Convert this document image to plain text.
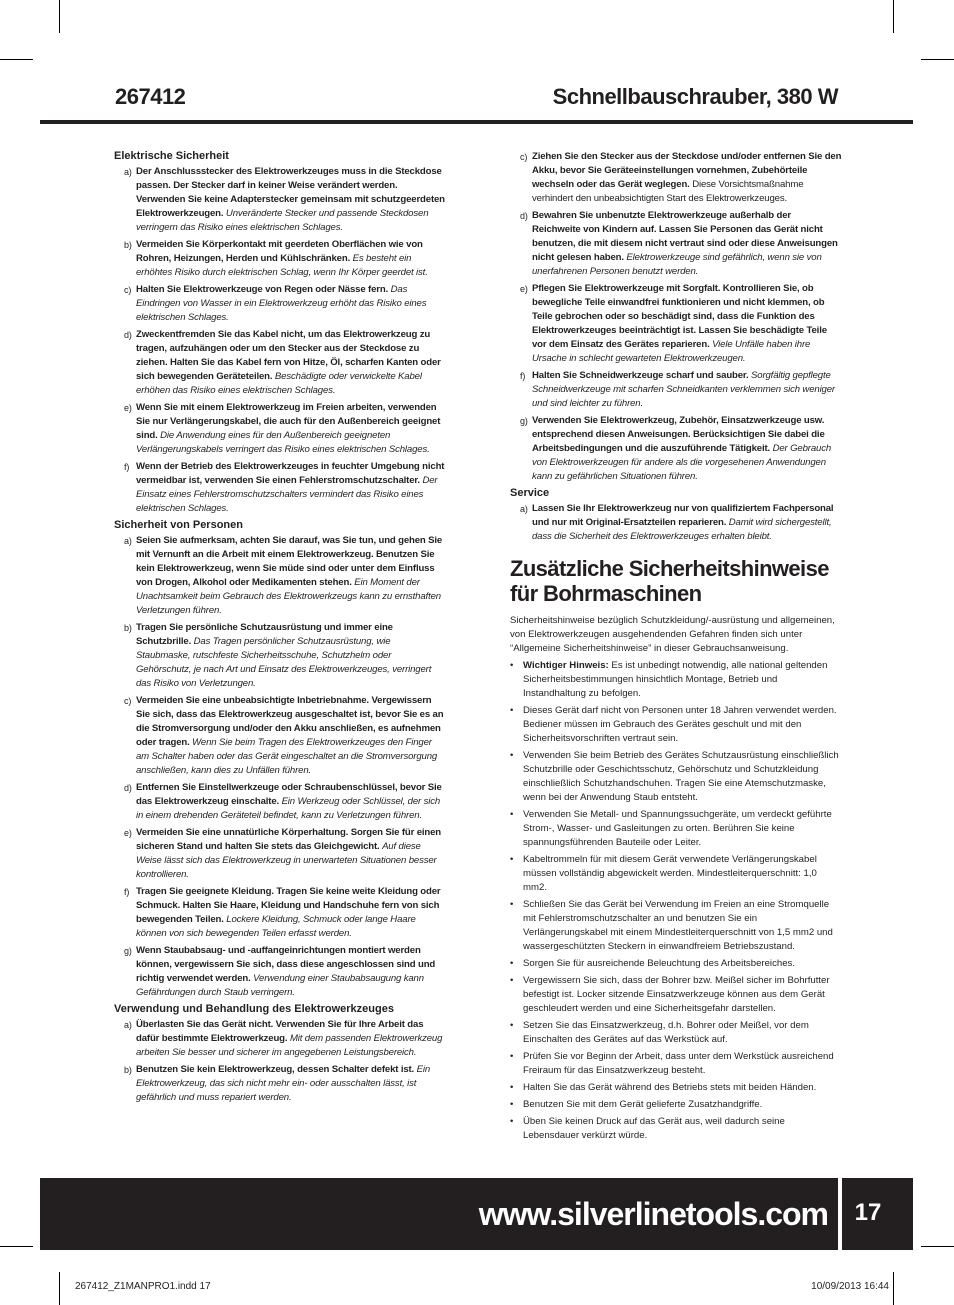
267412	Schnellbauschrauber, 380 W
Elektrische Sicherheit
a) Der Anschlussstecker des Elektrowerkzeuges muss in die Steckdose passen. Der Stecker darf in keiner Weise verändert werden. Verwenden Sie keine Adapterstecker gemeinsam mit schutzgeerdeten Elektrowerkzeugen. Unveränderte Stecker und passende Steckdosen verringern das Risiko eines elektrischen Schlages.
b) Vermeiden Sie Körperkontakt mit geerdeten Oberflächen wie von Rohren, Heizungen, Herden und Kühlschränken. Es besteht ein erhöhtes Risiko durch elektrischen Schlag, wenn Ihr Körper geerdet ist.
c) Halten Sie Elektrowerkzeuge von Regen oder Nässe fern. Das Eindringen von Wasser in ein Elektrowerkzeug erhöht das Risiko eines elektrischen Schlages.
d) Zweckentfremden Sie das Kabel nicht, um das Elektrowerkzeug zu tragen, aufzuhängen oder um den Stecker aus der Steckdose zu ziehen. Halten Sie das Kabel fern von Hitze, Öl, scharfen Kanten oder sich bewegenden Geräteteilen. Beschädigte oder verwickelte Kabel erhöhen das Risiko eines elektrischen Schlages.
e) Wenn Sie mit einem Elektrowerkzeug im Freien arbeiten, verwenden Sie nur Verlängerungskabel, die auch für den Außenbereich geeignet sind. Die Anwendung eines für den Außenbereich geeigneten Verlängerungskabels verringert das Risiko eines elektrischen Schlages.
f) Wenn der Betrieb des Elektrowerkzeuges in feuchter Umgebung nicht vermeidbar ist, verwenden Sie einen Fehlerstromschutzschalter. Der Einsatz eines Fehlerstromschutzschalters vermindert das Risiko eines elektrischen Schlages.
Sicherheit von Personen
a) Seien Sie aufmerksam, achten Sie darauf, was Sie tun, und gehen Sie mit Vernunft an die Arbeit mit einem Elektrowerkzeug. Benutzen Sie kein Elektrowerkzeug, wenn Sie müde sind oder unter dem Einfluss von Drogen, Alkohol oder Medikamenten stehen. Ein Moment der Unachtsamkeit beim Gebrauch des Elektrowerkzeugs kann zu ernsthaften Verletzungen führen.
b) Tragen Sie persönliche Schutzausrüstung und immer eine Schutzbrille. Das Tragen persönlicher Schutzausrüstung, wie Staubmaske, rutschfeste Sicherheitsschuhe, Schutzhelm oder Gehörschutz, je nach Art und Einsatz des Elektrowerkzeuges, verringert das Risiko von Verletzungen.
c) Vermeiden Sie eine unbeabsichtigte Inbetriebnahme. Vergewissern Sie sich, dass das Elektrowerkzeug ausgeschaltet ist, bevor Sie es an die Stromversorgung und/oder den Akku anschließen, es aufnehmen oder tragen. Wenn Sie beim Tragen des Elektrowerkzeuges den Finger am Schalter haben oder das Gerät eingeschaltet an die Stromversorgung anschließen, kann dies zu Unfällen führen.
d) Entfernen Sie Einstellwerkzeuge oder Schraubenschlüssel, bevor Sie das Elektrowerkzeug einschalte. Ein Werkzeug oder Schlüssel, der sich in einem drehenden Geräteteil befindet, kann zu Verletzungen führen.
e) Vermeiden Sie eine unnatürliche Körperhaltung. Sorgen Sie für einen sicheren Stand und halten Sie stets das Gleichgewicht. Auf diese Weise lässt sich das Elektrowerkzeug in unerwarteten Situationen besser kontrollieren.
f) Tragen Sie geeignete Kleidung. Tragen Sie keine weite Kleidung oder Schmuck. Halten Sie Haare, Kleidung und Handschuhe fern von sich bewegenden Teilen. Lockere Kleidung, Schmuck oder lange Haare können von sich bewegenden Teilen erfasst werden.
g) Wenn Staubabsaug- und -auffangeinrichtungen montiert werden können, vergewissern Sie sich, dass diese angeschlossen sind und richtig verwendet werden. Verwendung einer Staubabsaugung kann Gefährdungen durch Staub verringern.
Verwendung und Behandlung des Elektrowerkzeuges
a) Überlasten Sie das Gerät nicht. Verwenden Sie für Ihre Arbeit das dafür bestimmte Elektrowerkzeug. Mit dem passenden Elektrowerkzeug arbeiten Sie besser und sicherer im angegebenen Leistungsbereich.
b) Benutzen Sie kein Elektrowerkzeug, dessen Schalter defekt ist. Ein Elektrowerkzeug, das sich nicht mehr ein- oder ausschalten lässt, ist gefährlich und muss repariert werden.
c) Ziehen Sie den Stecker aus der Steckdose und/oder entfernen Sie den Akku, bevor Sie Geräteeinstellungen vornehmen, Zubehörteile wechseln oder das Gerät weglegen. Diese Vorsichtsmaßnahme verhindert den unbeabsichtigten Start des Elektrowerkzeuges.
d) Bewahren Sie unbenutzte Elektrowerkzeuge außerhalb der Reichweite von Kindern auf. Lassen Sie Personen das Gerät nicht benutzen, die mit diesem nicht vertraut sind oder diese Anweisungen nicht gelesen haben. Elektrowerkzeuge sind gefährlich, wenn sie von unerfahrenen Personen benutzt werden.
e) Pflegen Sie Elektrowerkzeuge mit Sorgfalt. Kontrollieren Sie, ob bewegliche Teile einwandfrei funktionieren und nicht klemmen, ob Teile gebrochen oder so beschädigt sind, dass die Funktion des Elektrowerkzeuges beeinträchtigt ist. Lassen Sie beschädigte Teile vor dem Einsatz des Gerätes reparieren. Viele Unfälle haben ihre Ursache in schlecht gewarteten Elektrowerkzeugen.
f) Halten Sie Schneidwerkzeuge scharf und sauber. Sorgfältig gepflegte Schneidwerkzeuge mit scharfen Schneidkanten verklemmen sich weniger und sind leichter zu führen.
g) Verwenden Sie Elektrowerkzeug, Zubehör, Einsatzwerkzeuge usw. entsprechend diesen Anweisungen. Berücksichtigen Sie dabei die Arbeitsbedingungen und die auszuführende Tätigkeit. Der Gebrauch von Elektrowerkzeugen für andere als die vorgesehenen Anwendungen kann zu gefährlichen Situationen führen.
Service
a) Lassen Sie Ihr Elektrowerkzeug nur von qualifiziertem Fachpersonal und nur mit Original-Ersatzteilen reparieren. Damit wird sichergestellt, dass die Sicherheit des Elektrowerkzeuges erhalten bleibt.
Zusätzliche Sicherheitshinweise für Bohrmaschinen
Sicherheitshinweise bezüglich Schutzkleidung/-ausrüstung und allgemeinen, von Elektrowerkzeugen ausgehendenden Gefahren finden sich unter “Allgemeine Sicherheitshinweise” in dieser Gebrauchsanweisung.
• Wichtiger Hinweis: Es ist unbedingt notwendig, alle national geltenden Sicherheitsbestimmungen hinsichtlich Montage, Betrieb und Instandhaltung zu befolgen.
• Dieses Gerät darf nicht von Personen unter 18 Jahren verwendet werden. Bediener müssen im Gebrauch des Gerätes geschult und mit den Sicherheitsvorschriften vertraut sein.
• Verwenden Sie beim Betrieb des Gerätes Schutzausrüstung einschließlich Schutzbrille oder Geschichtsschutz, Gehörschutz und Schutzkleidung einschließlich Schutzhandschuhen. Tragen Sie eine Atemschutzmaske, wenn bei der Anwendung Staub entsteht.
• Verwenden Sie Metall- und Spannungssuchgeräte, um verdeckt geführte Strom-, Wasser- und Gasleitungen zu orten. Berühren Sie keine spannungsführenden Bauteile oder Leiter.
• Kabeltrommeln für mit diesem Gerät verwendete Verlängerungskabel müssen vollständig abgewickelt werden. Mindestleiterquerschnitt: 1,0 mm2.
• Schließen Sie das Gerät bei Verwendung im Freien an eine Stromquelle mit Fehlerstromschutzschalter an und benutzen Sie ein Verlängerungskabel mit einem Mindestleiterquerschnitt von 1,5 mm2 und wassergeschützten Steckern in einwandfreiem Betriebszustand.
• Sorgen Sie für ausreichende Beleuchtung des Arbeitsbereiches.
• Vergewissern Sie sich, dass der Bohrer bzw. Meißel sicher im Bohrfutter befestigt ist. Locker sitzende Einsatzwerkzeuge können aus dem Gerät geschleudert werden und eine Sicherheitsgefahr darstellen.
• Setzen Sie das Einsatzwerkzeug, d.h. Bohrer oder Meißel, vor dem Einschalten des Gerätes auf das Werkstück auf.
• Prüfen Sie vor Beginn der Arbeit, dass unter dem Werkstück ausreichend Freiraum für das Einsatzwerkzeug besteht.
• Halten Sie das Gerät während des Betriebs stets mit beiden Händen.
• Benutzen Sie mit dem Gerät gelieferte Zusatzhandgriffe.
• Üben Sie keinen Druck auf das Gerät aus, weil dadurch seine Lebensdauer verkürzt würde.
www.silverlinetools.com	17
267412_Z1MANPRO1.indd 17	10/09/2013 16:44
